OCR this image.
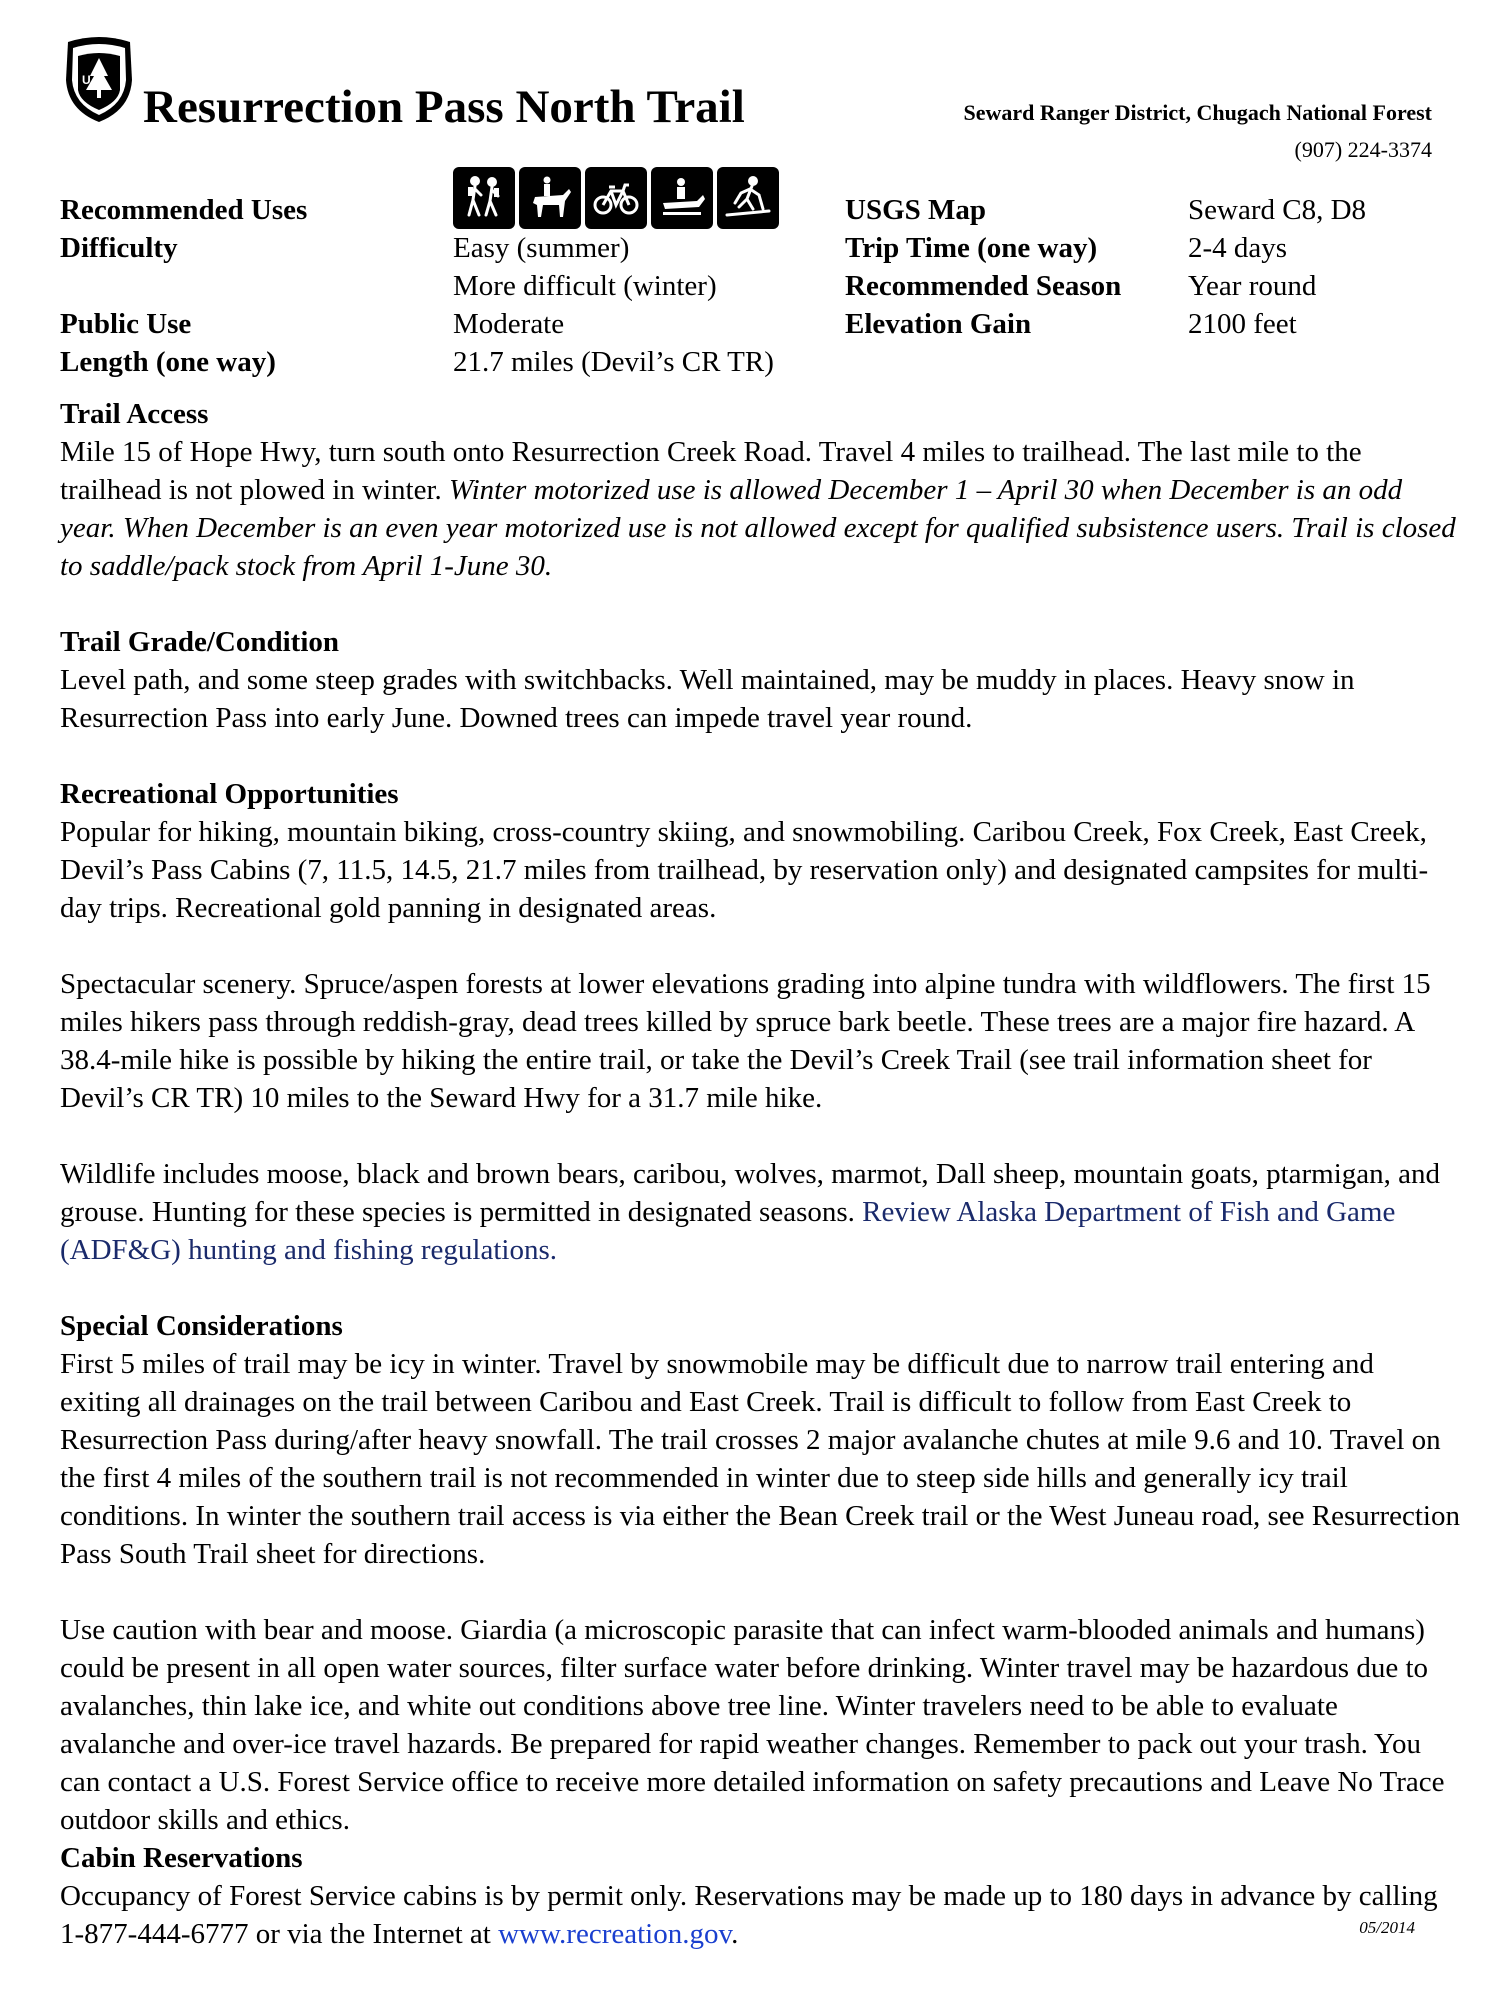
U.S.
Resurrection Pass North Trail	Seward Ranger District, Chugach National Forest
(907) 224-3374
Recommended Uses
Difficulty	Easy (summer)
More difficult (winter)
Public Use	Moderate
Length (one way)	21.7 miles (Devil’s CR TR)
USGS Map	Seward C8, D8
Trip Time (one way)	2-4 days
Recommended Season Year round
Elevation Gain	2100 feet
Trail Access

Mile 15 of Hope Hwy, turn south onto Resurrection Creek Road. Travel 4 miles to trailhead. The last mile to the trailhead is not plowed in winter. Winter motorized use is allowed December 1 – April 30 when December is an odd year. When December is an even year motorized use is not allowed except for qualified subsistence users. Trail is closed to saddle/pack stock from April 1-June 30.

Trail Grade/Condition

Level path, and some steep grades with switchbacks. Well maintained, may be muddy in places. Heavy snow in Resurrection Pass into early June. Downed trees can impede travel year round.

Recreational Opportunities

Popular for hiking, mountain biking, cross-country skiing, and snowmobiling. Caribou Creek, Fox Creek, East Creek, Devil’s Pass Cabins (7, 11.5, 14.5, 21.7 miles from trailhead, by reservation only) and designated campsites for multi-day trips. Recreational gold panning in designated areas.

Spectacular scenery. Spruce/aspen forests at lower elevations grading into alpine tundra with wildflowers. The first 15 miles hikers pass through reddish-gray, dead trees killed by spruce bark beetle. These trees are a major fire hazard. A 38.4-mile hike is possible by hiking the entire trail, or take the Devil’s Creek Trail (see trail information sheet for Devil’s CR TR) 10 miles to the Seward Hwy for a 31.7 mile hike.

Wildlife includes moose, black and brown bears, caribou, wolves, marmot, Dall sheep, mountain goats, ptarmigan, and grouse. Hunting for these species is permitted in designated seasons. Review Alaska Department of Fish and Game (ADF&G) hunting and fishing regulations.

Special Considerations

First 5 miles of trail may be icy in winter. Travel by snowmobile may be difficult due to narrow trail entering and exiting all drainages on the trail between Caribou and East Creek. Trail is difficult to follow from East Creek to Resurrection Pass during/after heavy snowfall. The trail crosses 2 major avalanche chutes at mile 9.6 and 10. Travel on the first 4 miles of the southern trail is not recommended in winter due to steep side hills and generally icy trail conditions. In winter the southern trail access is via either the Bean Creek trail or the West Juneau road, see Resurrection Pass South Trail sheet for directions.

Use caution with bear and moose. Giardia (a microscopic parasite that can infect warm-blooded animals and humans) could be present in all open water sources, filter surface water before drinking. Winter travel may be hazardous due to avalanches, thin lake ice, and white out conditions above tree line. Winter travelers need to be able to evaluate avalanche and over-ice travel hazards. Be prepared for rapid weather changes. Remember to pack out your trash. You can contact a U.S. Forest Service office to receive more detailed information on safety precautions and Leave No Trace outdoor skills and ethics.

Cabin Reservations

Occupancy of Forest Service cabins is by permit only. Reservations may be made up to 180 days in advance by calling 1-877-444-6777 or via the Internet at www.recreation.gov.	05/2014
